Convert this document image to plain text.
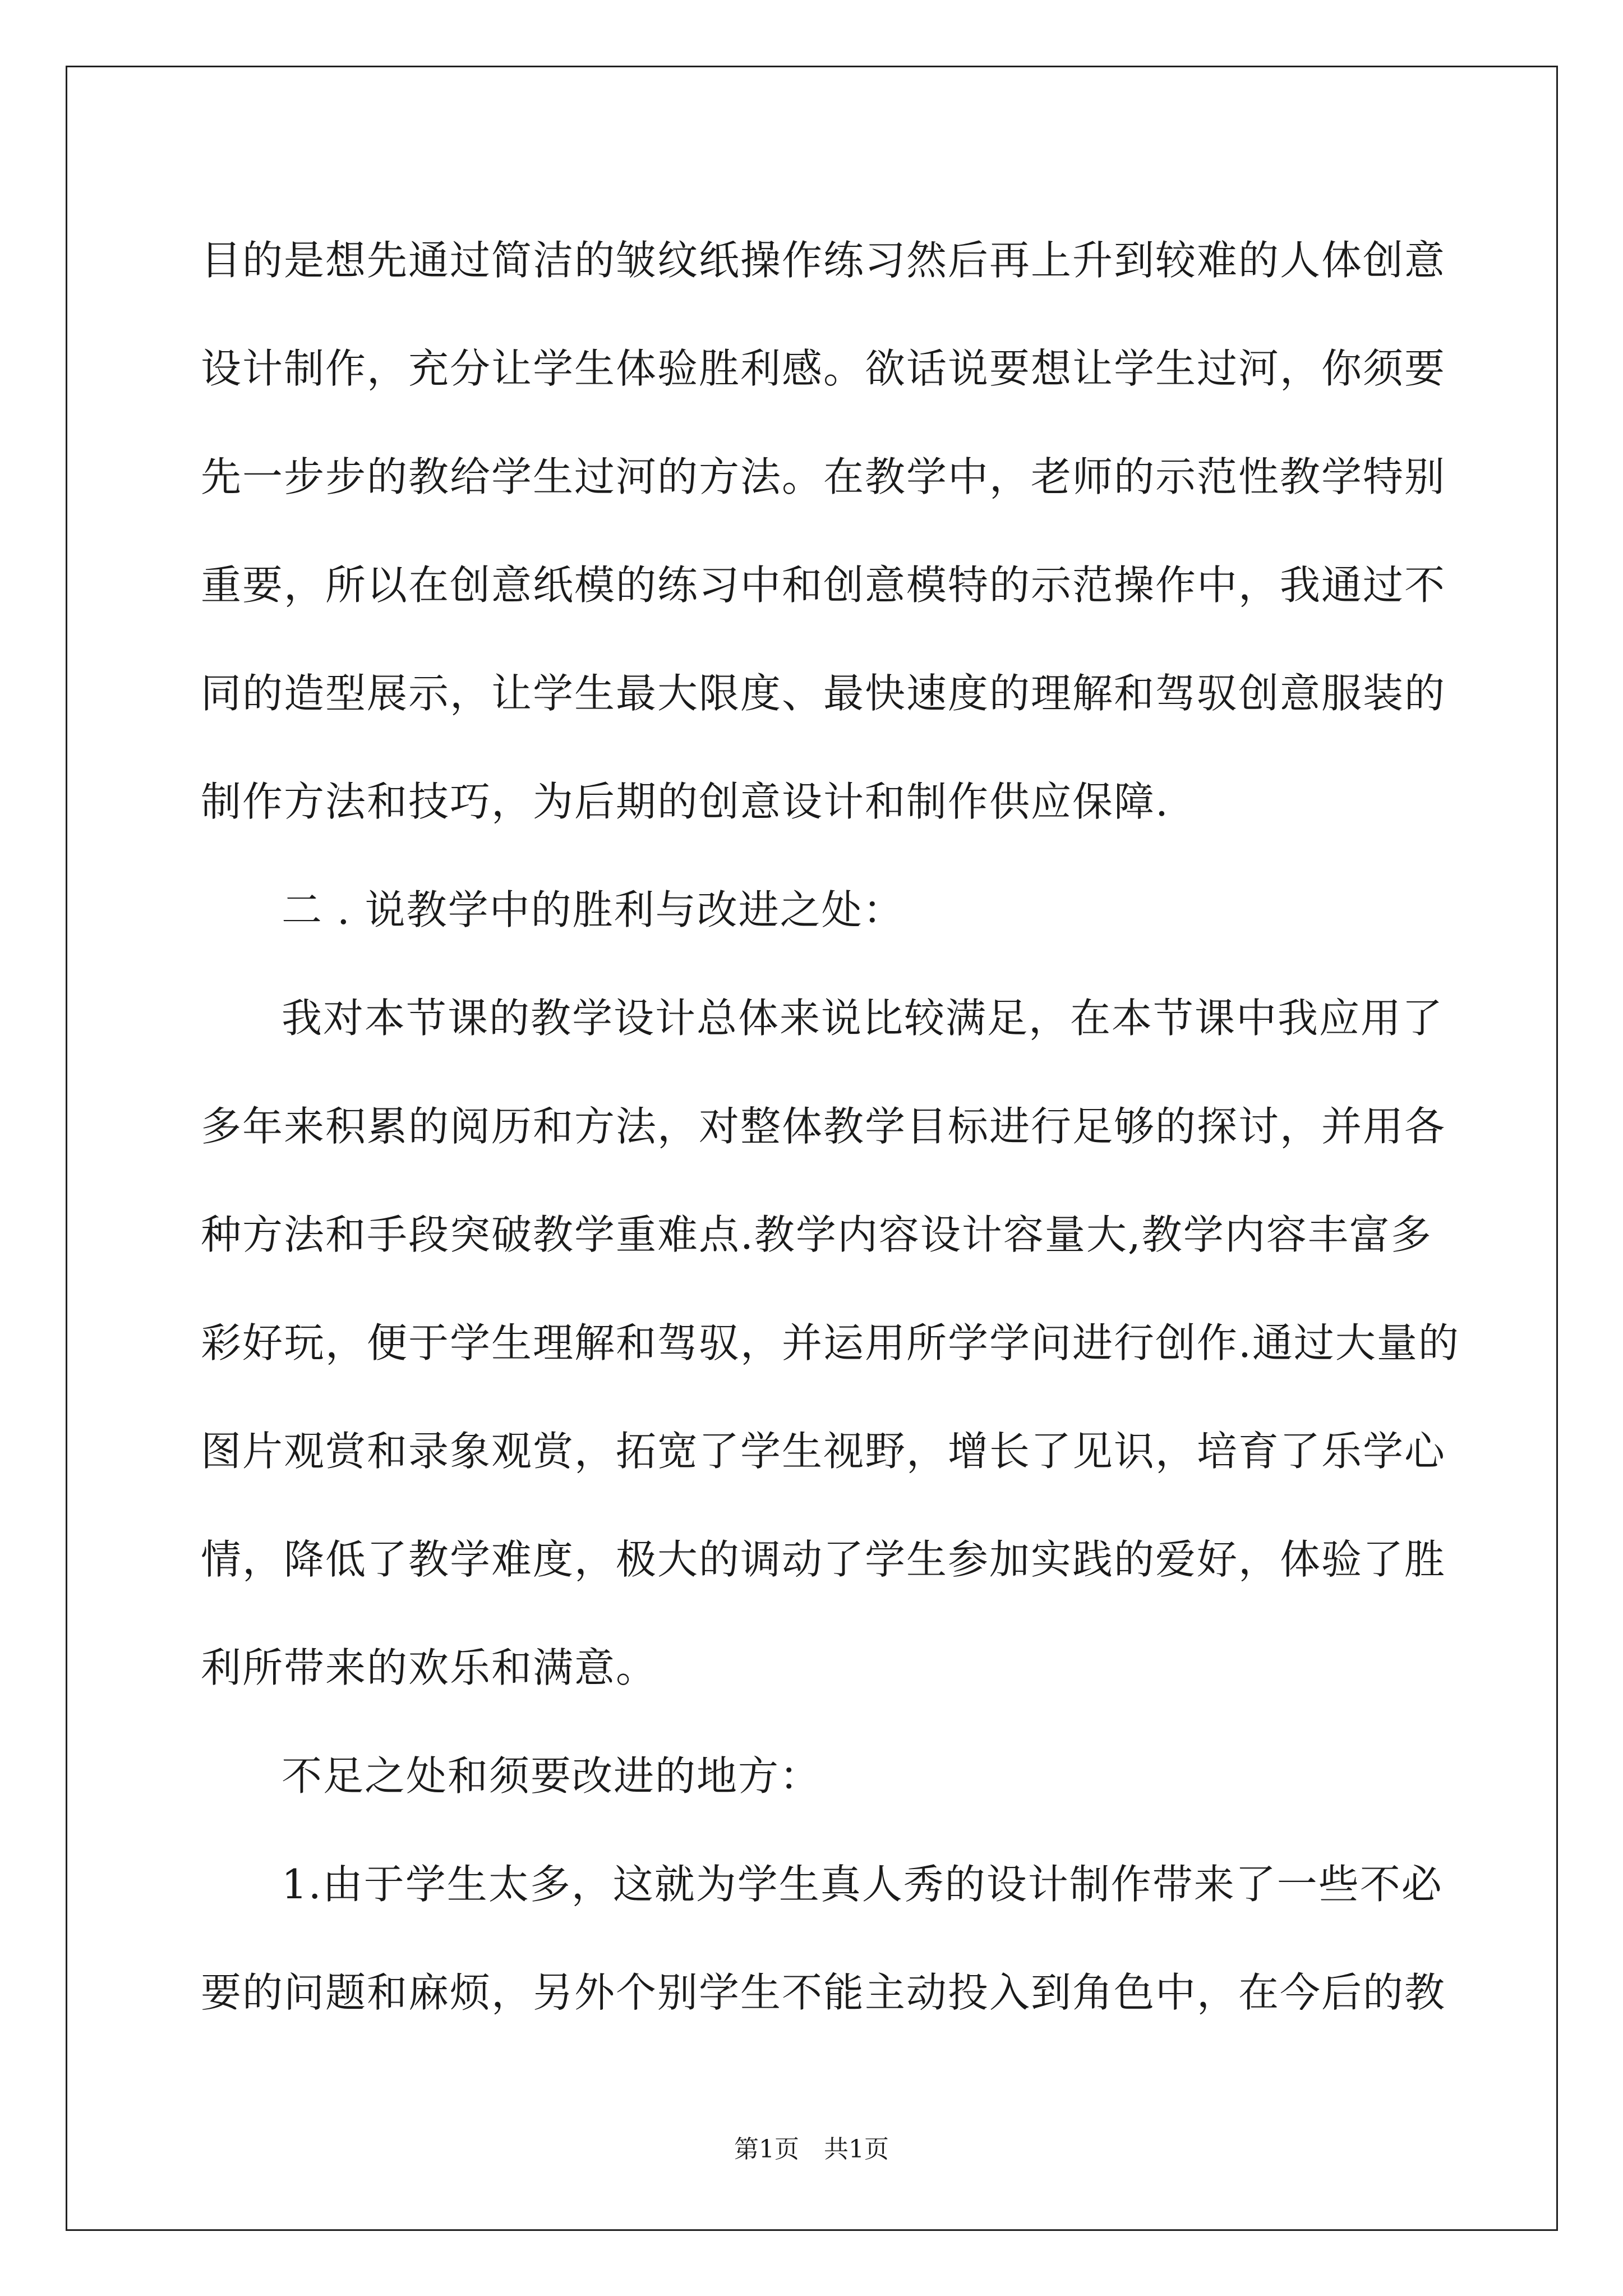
目的是想先通过简洁的皱纹纸操作练习然后再上升到较难的人体创意
设计制作，充分让学生体验胜利感。欲话说要想让学生过河，你须要
先一步步的教给学生过河的方法。在教学中，老师的示范性教学特别
重要，所以在创意纸模的练习中和创意模特的示范操作中，我通过不
同的造型展示，让学生最大限度、最快速度的理解和驾驭创意服装的
制作方法和技巧，为后期的创意设计和制作供应保障.
二 . 说教学中的胜利与改进之处：
我对本节课的教学设计总体来说比较满足，在本节课中我应用了
多年来积累的阅历和方法，对整体教学目标进行足够的探讨，并用各
种方法和手段突破教学重难点.教学内容设计容量大,教学内容丰富多
彩好玩，便于学生理解和驾驭，并运用所学学问进行创作.通过大量的
图片观赏和录象观赏，拓宽了学生视野，增长了见识，培育了乐学心
情，降低了教学难度，极大的调动了学生参加实践的爱好，体验了胜
利所带来的欢乐和满意。
不足之处和须要改进的地方：
1.由于学生太多，这就为学生真人秀的设计制作带来了一些不必
要的问题和麻烦，另外个别学生不能主动投入到角色中，在今后的教
第1页　共1页
